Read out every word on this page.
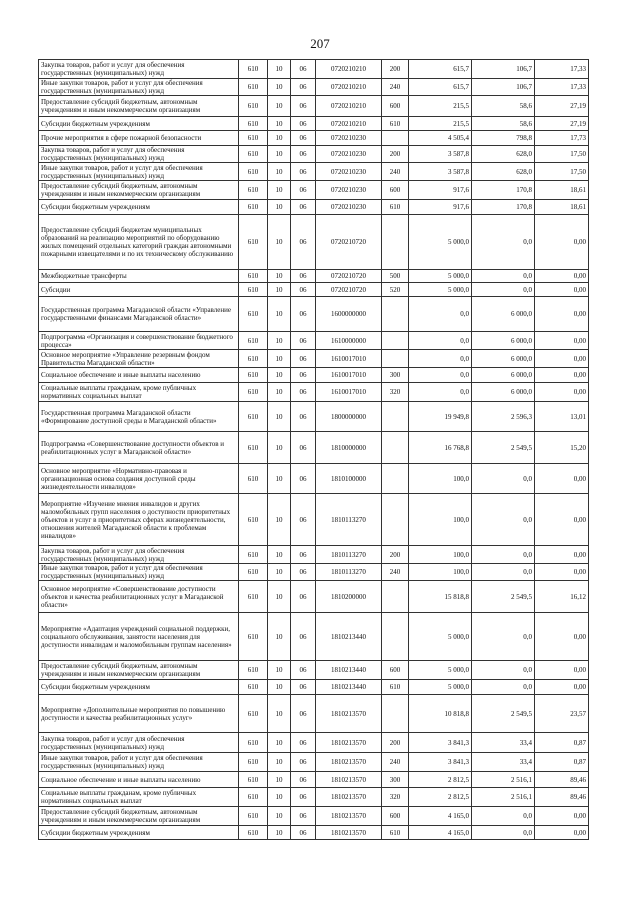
207
Закупка товаров, работ и услуг для обеспечения государственных (муниципальных) нужд	610	10	06	0720210210	200	615,7	106,7	17,33
Иные закупки товаров, работ и услуг для обеспечения государственных (муниципальных) нужд	610	10	06	0720210210	240	615,7	106,7	17,33
Предоставление субсидий бюджетным, автономным учреждениям и иным некоммерческим организациям	610	10	06	0720210210	600	215,5	58,6	27,19
Субсидии бюджетным учреждениям	610	10	06	0720210210	610	215,5	58,6	27,19
Прочие мероприятия в сфере пожарной безопасности	610	10	06	0720210230		4 505,4	798,8	17,73
Закупка товаров, работ и услуг для обеспечения государственных (муниципальных) нужд	610	10	06	0720210230	200	3 587,8	628,0	17,50
Иные закупки товаров, работ и услуг для обеспечения государственных (муниципальных) нужд	610	10	06	0720210230	240	3 587,8	628,0	17,50
Предоставление субсидий бюджетным, автономным учреждениям и иным некоммерческим организациям	610	10	06	0720210230	600	917,6	170,8	18,61
Субсидии бюджетным учреждениям	610	10	06	0720210230	610	917,6	170,8	18,61
Предоставление субсидий бюджетам муниципальных образований на реализацию мероприятий по оборудованию жилых помещений отдельных категорий граждан автономными пожарными извещателями и по их техническому обслуживанию	610	10	06	0720210720		5 000,0	0,0	0,00
Межбюджетные трансферты	610	10	06	0720210720	500	5 000,0	0,0	0,00
Субсидии	610	10	06	0720210720	520	5 000,0	0,0	0,00
Государственная программа Магаданской области «Управление государственными финансами Магаданской области»	610	10	06	1600000000		0,0	6 000,0	0,00
Подпрограмма «Организация и совершенствование бюджетного процесса»	610	10	06	1610000000		0,0	6 000,0	0,00
Основное мероприятие «Управление резервным фондом Правительства Магаданской области»	610	10	06	1610017010		0,0	6 000,0	0,00
Социальное обеспечение и иные выплаты населению	610	10	06	1610017010	300	0,0	6 000,0	0,00
Социальные выплаты гражданам, кроме публичных нормативных социальных выплат	610	10	06	1610017010	320	0,0	6 000,0	0,00
Государственная программа Магаданской области «Формирование доступной среды в Магаданской области»	610	10	06	1800000000		19 949,8	2 596,3	13,01
Подпрограмма «Совершенствование доступности объектов и реабилитационных услуг в Магаданской области»	610	10	06	1810000000		16 768,8	2 549,5	15,20
Основное мероприятие «Нормативно-правовая и организационная основа создания доступной среды жизнедеятельности инвалидов»	610	10	06	1810100000		100,0	0,0	0,00
Мероприятие «Изучение мнения инвалидов и других маломобильных групп населения о доступности приоритетных объектов и услуг в приоритетных сферах жизнедеятельности, отношения жителей Магаданской области к проблемам инвалидов»	610	10	06	1810113270		100,0	0,0	0,00
Закупка товаров, работ и услуг для обеспечения государственных (муниципальных) нужд	610	10	06	1810113270	200	100,0	0,0	0,00
Иные закупки товаров, работ и услуг для обеспечения государственных (муниципальных) нужд	610	10	06	1810113270	240	100,0	0,0	0,00
Основное мероприятие «Совершенствование доступности объектов и качества реабилитационных услуг в Магаданской области»	610	10	06	1810200000		15 818,8	2 549,5	16,12
Мероприятие «Адаптация учреждений социальной поддержки, социального обслуживания, занятости населения для доступности инвалидам и маломобильным группам населения»	610	10	06	1810213440		5 000,0	0,0	0,00
Предоставление субсидий бюджетным, автономным учреждениям и иным некоммерческим организациям	610	10	06	1810213440	600	5 000,0	0,0	0,00
Субсидии бюджетным учреждениям	610	10	06	1810213440	610	5 000,0	0,0	0,00
Мероприятие «Дополнительные мероприятия по повышению доступности и качества реабилитационных услуг»	610	10	06	1810213570		10 818,8	2 549,5	23,57
Закупка товаров, работ и услуг для обеспечения государственных (муниципальных) нужд	610	10	06	1810213570	200	3 841,3	33,4	0,87
Иные закупки товаров, работ и услуг для обеспечения государственных (муниципальных) нужд	610	10	06	1810213570	240	3 841,3	33,4	0,87
Социальное обеспечение и иные выплаты населению	610	10	06	1810213570	300	2 812,5	2 516,1	89,46
Социальные выплаты гражданам, кроме публичных нормативных социальных выплат	610	10	06	1810213570	320	2 812,5	2 516,1	89,46
Предоставление субсидий бюджетным, автономным учреждениям и иным некоммерческим организациям	610	10	06	1810213570	600	4 165,0	0,0	0,00
Субсидии бюджетным учреждениям	610	10	06	1810213570	610	4 165,0	0,0	0,00
